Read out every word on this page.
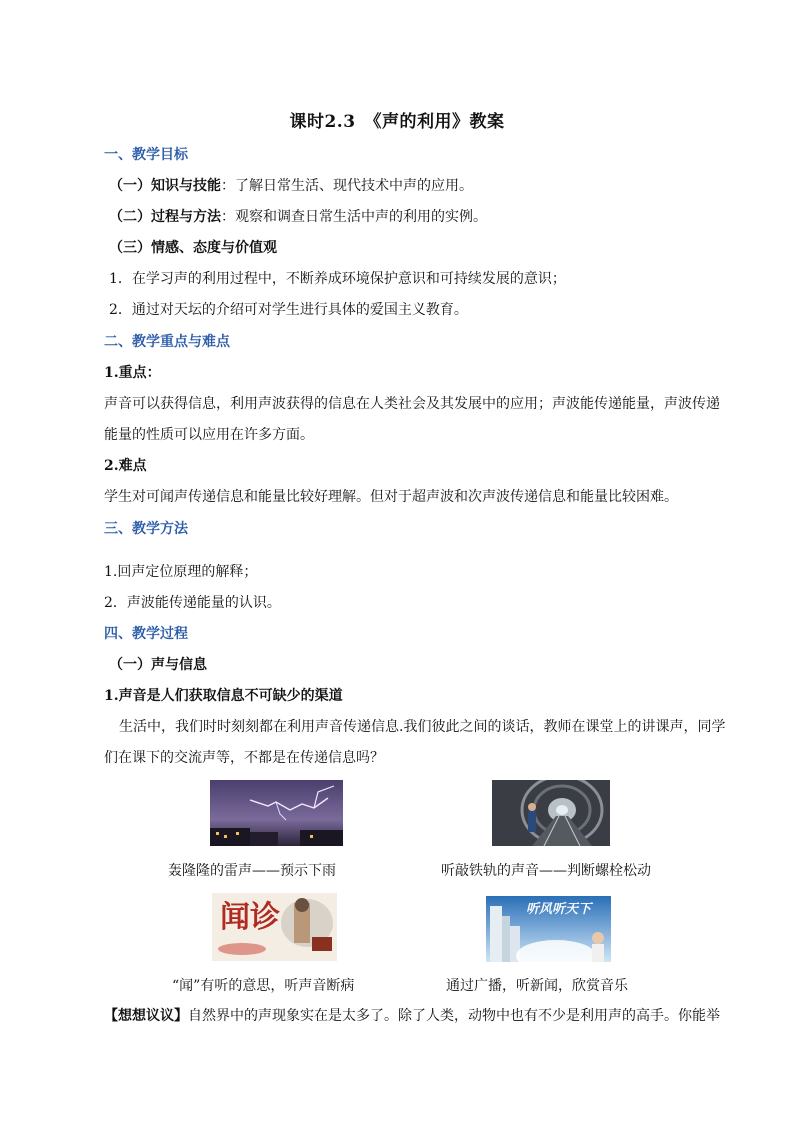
课时2.3　《声的利用》教案
一、教学目标
（一）知识与技能：了解日常生活、现代技术中声的应用。
（二）过程与方法：观察和调查日常生活中声的利用的实例。
（三）情感、态度与价值观
1．在学习声的利用过程中，不断养成环境保护意识和可持续发展的意识；
2．通过对天坛的介绍可对学生进行具体的爱国主义教育。
二、教学重点与难点
1.重点：
声音可以获得信息，利用声波获得的信息在人类社会及其发展中的应用；声波能传递能量，声波传递
能量的性质可以应用在许多方面。
2.难点
学生对可闻声传递信息和能量比较好理解。但对于超声波和次声波传递信息和能量比较困难。
三、教学方法
1.回声定位原理的解释；
2．声波能传递能量的认识。
四、教学过程
（一）声与信息
1.声音是人们获取信息不可缺少的渠道
生活中，我们时时刻刻都在利用声音传递信息.我们彼此之间的谈话，教师在课堂上的讲课声，同学
们在课下的交流声等，不都是在传递信息吗？
轰隆隆的雷声——预示下雨	听敲铁轨的声音——判断螺栓松动
闻诊
“闻”有听的意思，听声音断病
听风听天下
通过广播，听新闻，欣赏音乐
【想想议议】自然界中的声现象实在是太多了。除了人类，动物中也有不少是利用声的高手。你能举
